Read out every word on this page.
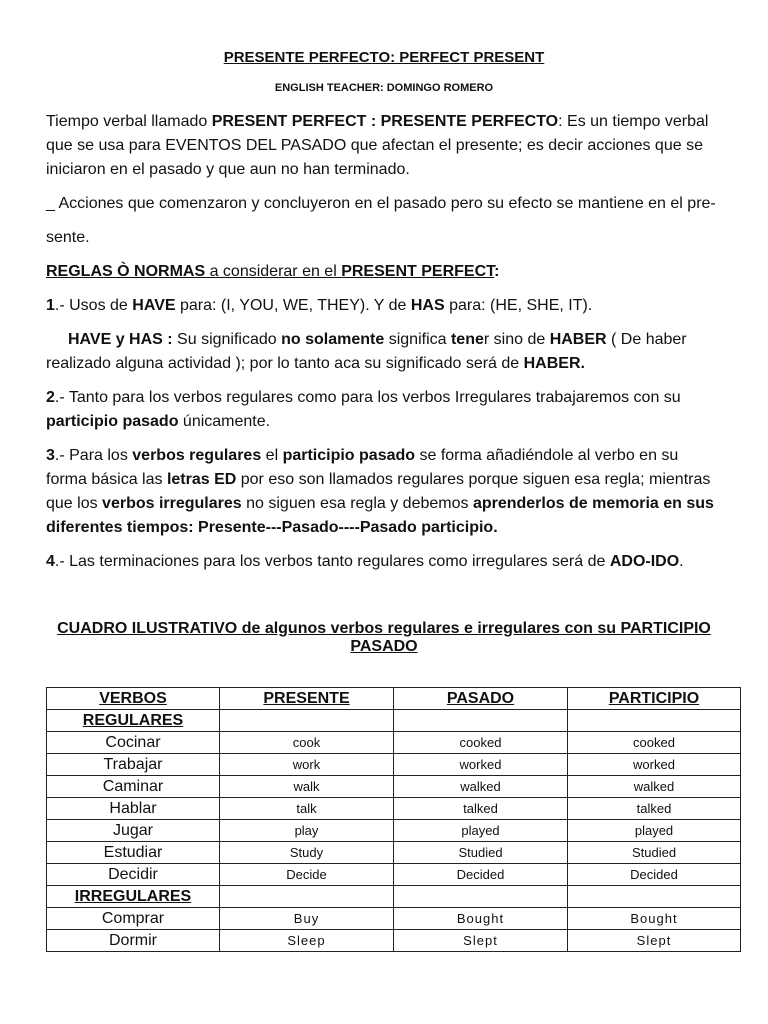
PRESENTE PERFECTO: PERFECT PRESENT
ENGLISH TEACHER: DOMINGO ROMERO

Tiempo verbal llamado PRESENT PERFECT : PRESENTE PERFECTO: Es un tiempo verbal que se usa para EVENTOS DEL PASADO que afectan el presente; es decir acciones que se iniciaron en el pasado y que aun no han terminado.

_ Acciones que comenzaron y concluyeron en el pasado pero su efecto se mantiene en el pre-

sente.

REGLAS Ò NORMAS a considerar en el PRESENT PERFECT:

1.- Usos de HAVE para: (I, YOU, WE, THEY). Y de HAS para: (HE, SHE, IT).

HAVE y HAS : Su significado no solamente significa tener sino de HABER ( De haber realizado alguna actividad ); por lo tanto aca su significado será de HABER.

2.- Tanto para los verbos regulares como para los verbos Irregulares trabajaremos con su participio pasado únicamente.

3.- Para los verbos regulares el participio pasado se forma añadiéndole al verbo en su forma básica las letras ED por eso son llamados regulares porque siguen esa regla; mientras que los verbos irregulares no siguen esa regla y debemos aprenderlos de memoria en sus diferentes tiempos: Presente---Pasado----Pasado participio.

4.- Las terminaciones para los verbos tanto regulares como irregulares será de ADO-IDO.

CUADRO ILUSTRATIVO de algunos verbos regulares e irregulares con su PARTICIPIO PASADO
VERBOS	PRESENTE	PASADO	PARTICIPIO
REGULARES			
Cocinar	cook	cooked	cooked
Trabajar	work	worked	worked
Caminar	walk	walked	walked
Hablar	talk	talked	talked
Jugar	play	played	played
Estudiar	Study	Studied	Studied
Decidir	Decide	Decided	Decided
IRREGULARES			
Comprar	Buy	Bought	Bought
Dormir	Sleep	Slept	Slept
